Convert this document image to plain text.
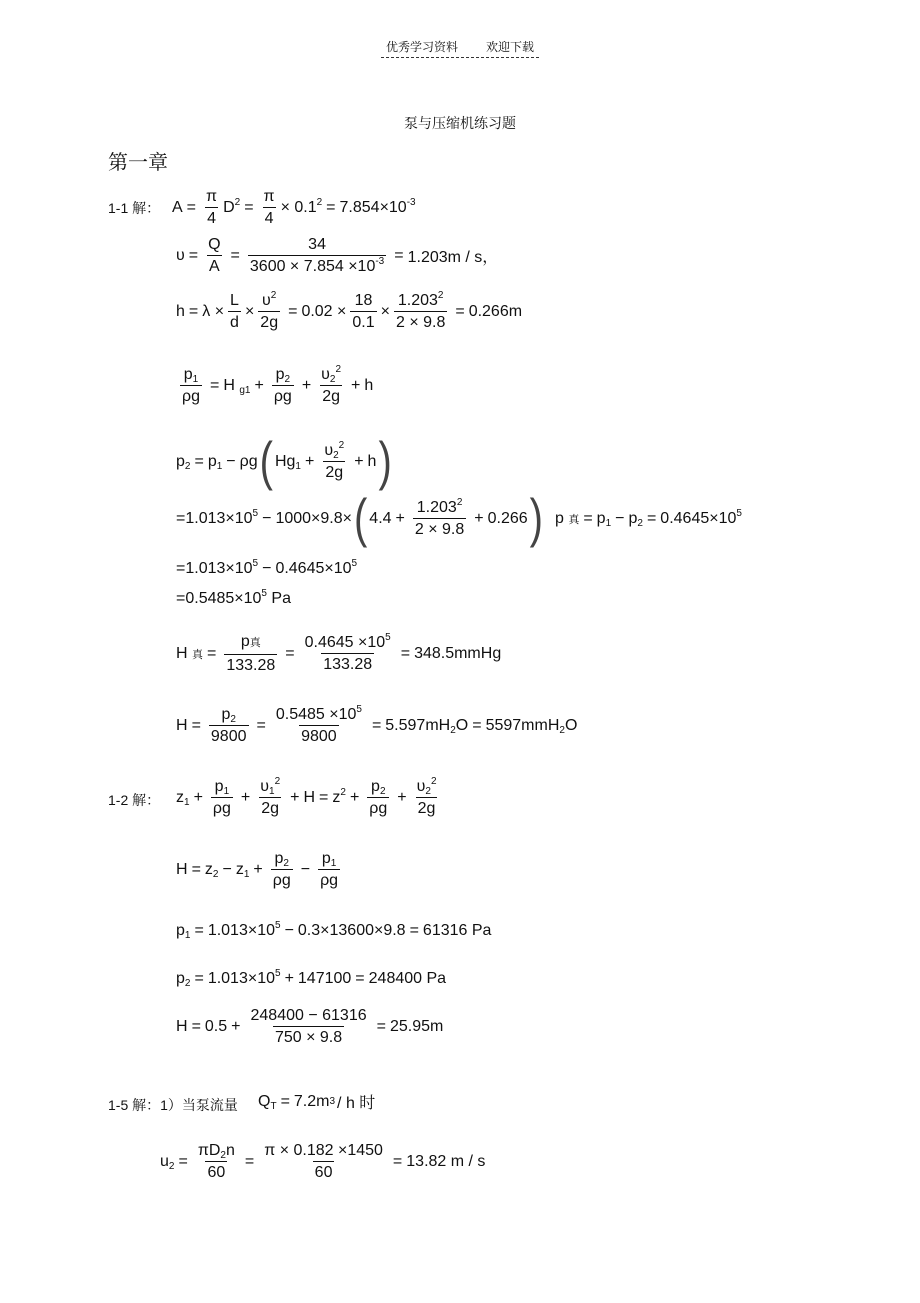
优秀学习资料 欢迎下载
泵与压缩机练习题
第一章
1-1 解： $A = \frac{\pi}{4} D^2 = \frac{\pi}{4} \times 0.1^2 = 7.854 \times 10^{-3}$
$\upsilon = \frac{Q}{A} = \frac{34}{3600 \times 7.854 \times 10^{-3}} = 1.203m / s$，
$h = \lambda \times \frac{L}{d} \times \frac{\upsilon^2}{2g} = 0.02 \times \frac{18}{0.1} \times \frac{1.203^2}{2 \times 9.8} = 0.266m$
$\frac{p_1}{\rho g} = H$ $_{g1} + \frac{p_2}{\rho g} + \frac{\upsilon_2^2}{2g} + h$
$p_2 = p_1 - \rho g$ ( $Hg_1 + \frac{\upsilon_2^2}{2g} + h$ )
$=1.013\times 10^5 - 1000\times 9.8\times$ ( $4.4 + \frac{1.203^2}{2 \times 9.8} + 0.266$ ) p 真 = $p_1 - p_2 = 0.4645 \times 10^5$
$=1.013\times 10^5 - 0.4645\times 10^5$
= $0.5485 \times 10^5$ Pa
H 真 = $\frac{\text{p真}}{133.28} = \frac{0.4645 \times 10^5}{133.28}$ = 348.5mmHg
$H = \frac{p_2}{9800} = \frac{0.5485 \times 10^5}{9800} = 5.597mH$ $_2$O = 5597mmH $_2$O
1-2 解： $z_1 + \frac{p_1}{\rho g} + \frac{\upsilon_1^2}{2g} + H = z^2 + \frac{p_2}{\rho g} + \frac{\upsilon_2^2}{2g}$
$H = z_2 - z_1 + \frac{p_2}{\rho g} - \frac{p_1}{\rho g}$
$p_1 = 1.013\times 10^5 - 0.3\times 13600\times 9.8 = 61316$ Pa
$p_2 = 1.013\times 10^5 + 147100 = 248400$ Pa
$H = 0.5 + \frac{248400 - 61316}{750 \times 9.8} = 25.95m$
1-5 解：1）当泵流量 $Q_T = 7.2m$ 3 / h 时
$u_2 = \frac{\pi D_2n}{60} = \frac{\pi \times 0.182 \times 1450}{60} = 13.82$ m / s
